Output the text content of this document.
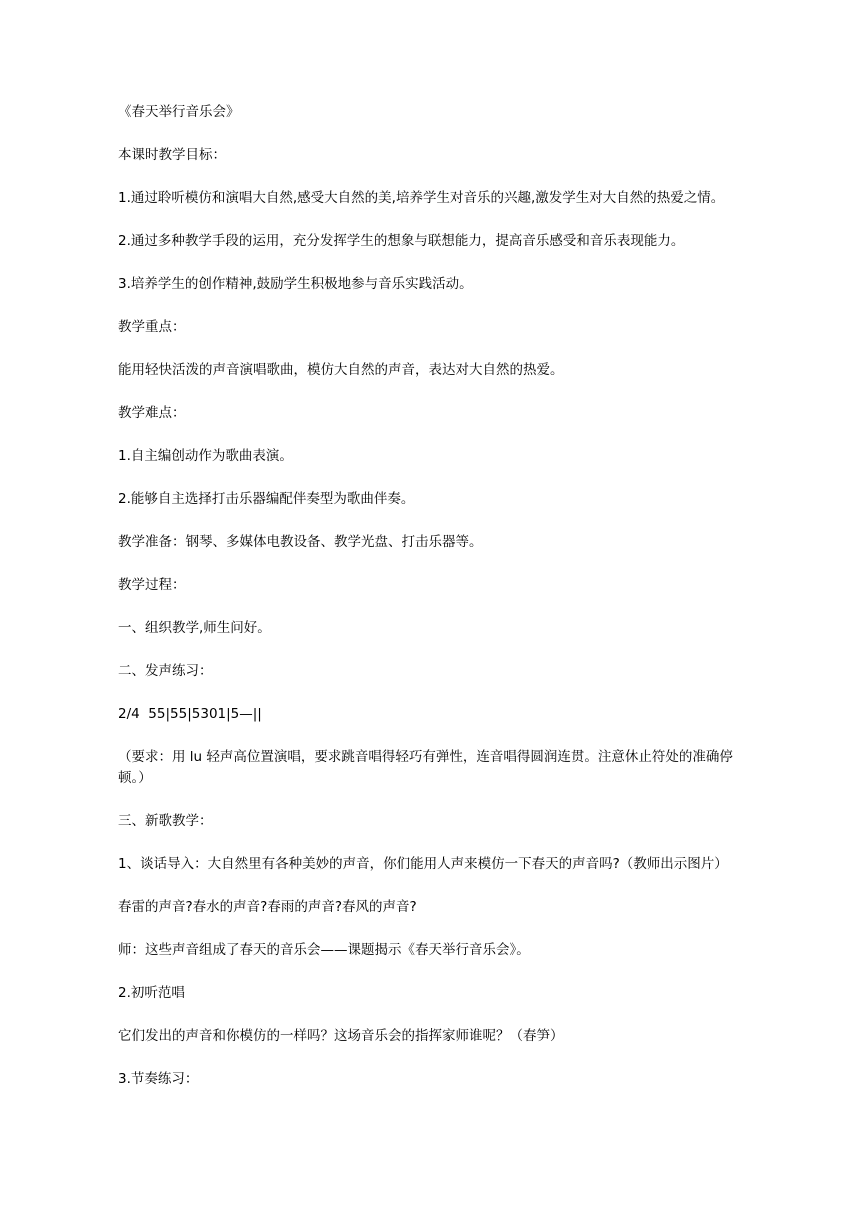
《春天举行音乐会》

本课时教学目标：

1.通过聆听模仿和演唱大自然,感受大自然的美,培养学生对音乐的兴趣,激发学生对大自然的热爱之情。

2.通过多种教学手段的运用，充分发挥学生的想象与联想能力，提高音乐感受和音乐表现能力。

3.培养学生的创作精神,鼓励学生积极地参与音乐实践活动。

教学重点：

能用轻快活泼的声音演唱歌曲，模仿大自然的声音，表达对大自然的热爱。

教学难点：

1.自主编创动作为歌曲表演。

2.能够自主选择打击乐器编配伴奏型为歌曲伴奏。

教学准备：钢琴、多媒体电教设备、教学光盘、打击乐器等。

教学过程：

一、组织教学,师生问好。

二、发声练习：

2/4  55|55|5301|5—||

（要求：用 lu 轻声高位置演唱，要求跳音唱得轻巧有弹性，连音唱得圆润连贯。注意休止符处的准确停顿。）

三、新歌教学：

1、谈话导入：大自然里有各种美妙的声音，你们能用人声来模仿一下春天的声音吗?（教师出示图片）

春雷的声音?春水的声音?春雨的声音?春风的声音?

师：这些声音组成了春天的音乐会——课题揭示《春天举行音乐会》。

2.初听范唱

它们发出的声音和你模仿的一样吗？这场音乐会的指挥家师谁呢？（春笋）

3.节奏练习：
